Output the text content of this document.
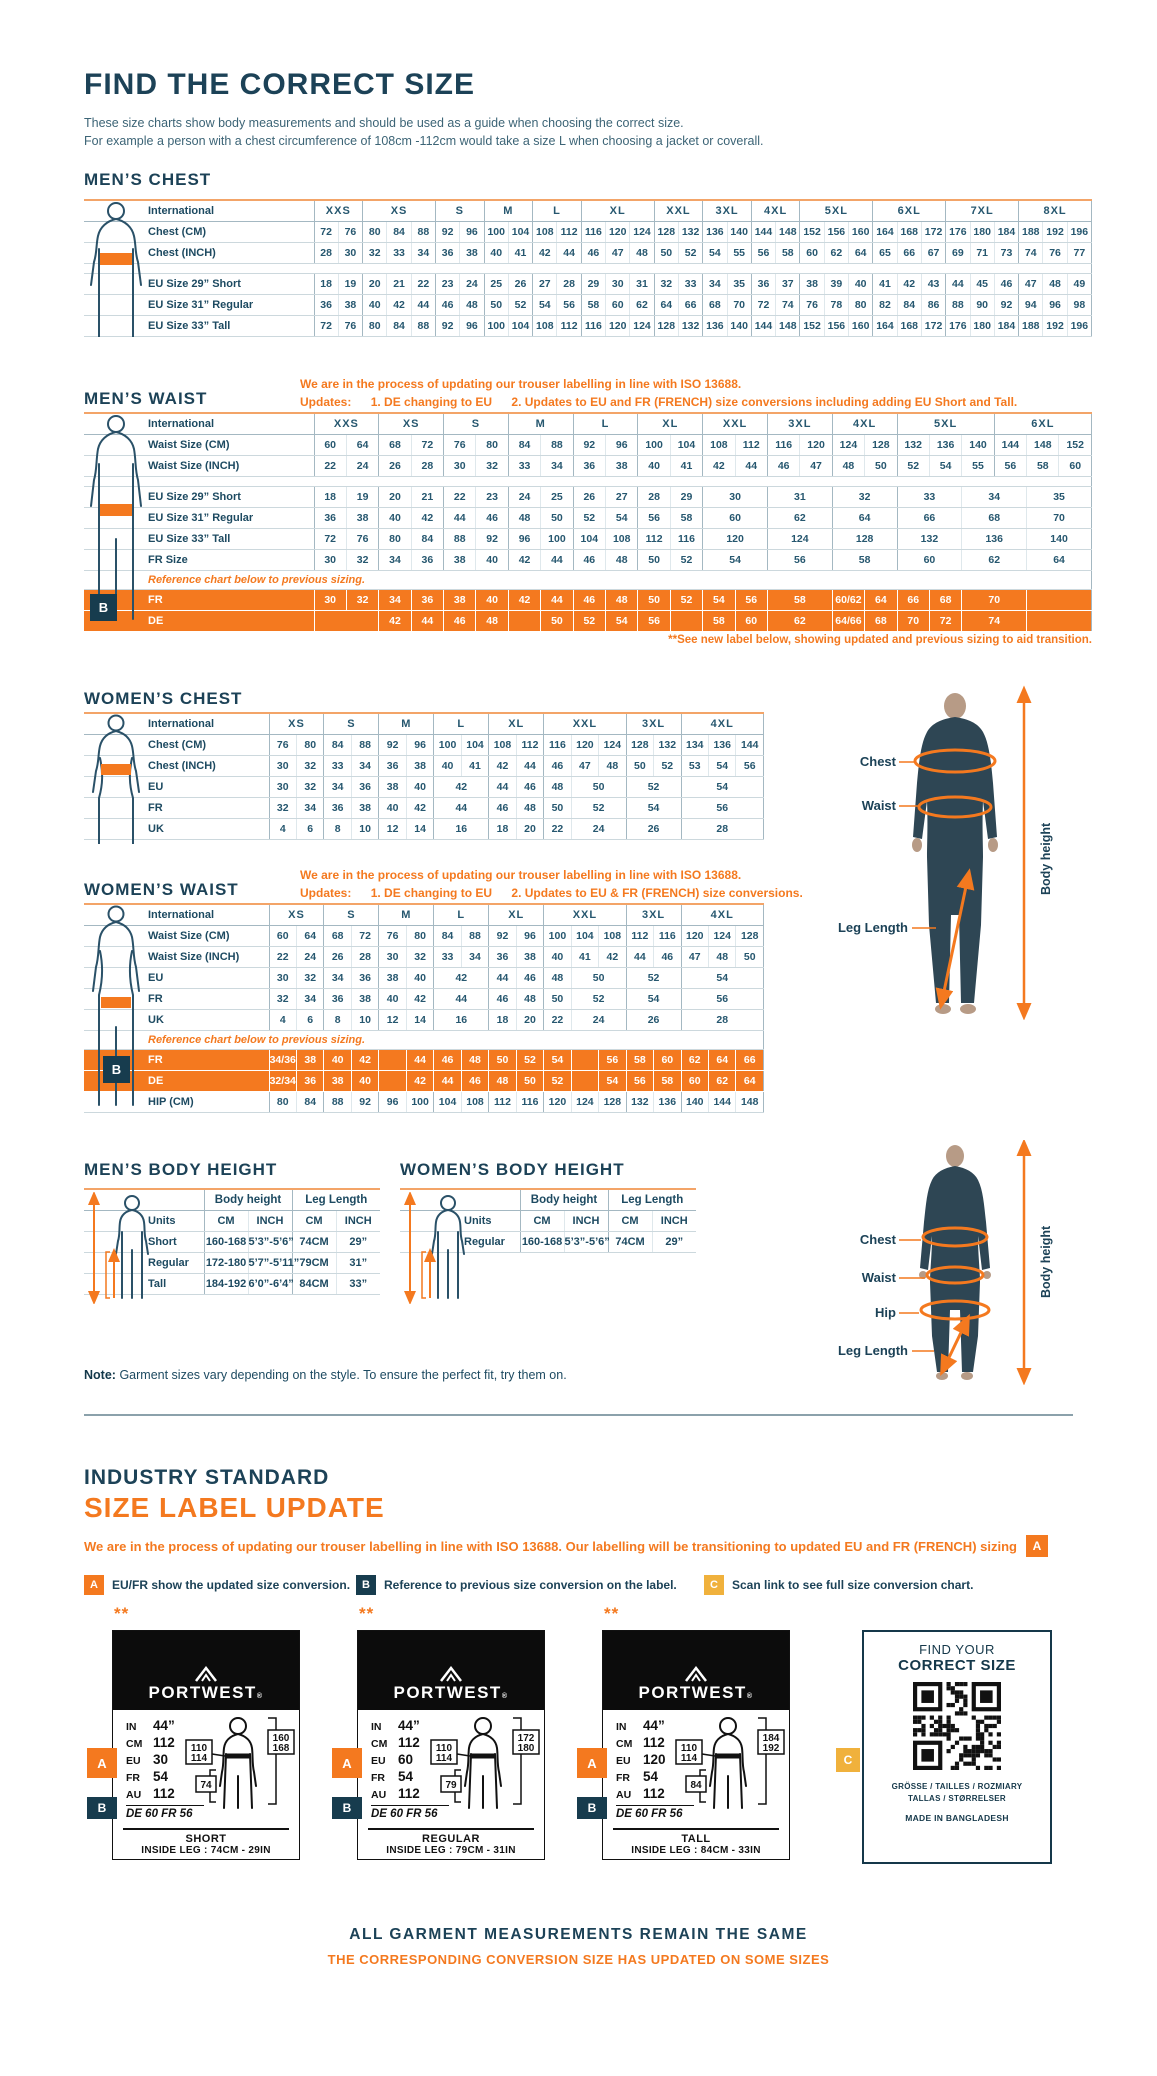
FIND THE CORRECT SIZE
These size charts show body measurements and should be used as a guide when choosing the correct size.
For example a person with a chest circumference of 108cm -112cm would take a size L when choosing a jacket or coverall.
MEN’S CHEST
International	XXS		XS			S		M		L		XL			XXL		3XL		4XL		5XL			6XL			7XL			8XL		
Chest (CM)	72	76	80	84	88	92	96	100	104	108	112	116	120	124	128	132	136	140	144	148	152	156	160	164	168	172	176	180	184	188	192	196
Chest (INCH)	28	30	32	33	34	36	38	40	41	42	44	46	47	48	50	52	54	55	56	58	60	62	64	65	66	67	69	71	73	74	76	77

EU Size 29” Short	18	19	20	21	22	23	24	25	26	27	28	29	30	31	32	33	34	35	36	37	38	39	40	41	42	43	44	45	46	47	48	49
EU Size 31” Regular	36	38	40	42	44	46	48	50	52	54	56	58	60	62	64	66	68	70	72	74	76	78	80	82	84	86	88	90	92	94	96	98
EU Size 33” Tall	72	76	80	84	88	92	96	100	104	108	112	116	120	124	128	132	136	140	144	148	152	156	160	164	168	172	176	180	184	188	192	196
We are in the process of updating our trouser labelling in line with ISO 13688.
Updates: 1. DE changing to EU 2. Updates to EU and FR (FRENCH) size conversions including adding EU Short and Tall.
MEN’S WAIST
International	XXS		XS		S		M		L		XL		XXL		3XL		4XL		5XL			6XL		
Waist Size (CM)	60	64	68	72	76	80	84	88	92	96	100	104	108	112	116	120	124	128	132	136	140	144	148	152
Waist Size (INCH)	22	24	26	28	30	32	33	34	36	38	40	41	42	44	46	47	48	50	52	54	55	56	58	60

EU Size 29” Short	18	19	20	21	22	23	24	25	26	27	28	29	30		31		32		33		34		35	
EU Size 31” Regular	36	38	40	42	44	46	48	50	52	54	56	58	60		62		64		66		68		70	
EU Size 33” Tall	72	76	80	84	88	92	96	100	104	108	112	116	120		124		128		132		136		140	
FR Size	30	32	34	36	38	40	42	44	46	48	50	52	54		56		58		60		62		64	
Reference chart below to previous sizing.																								
FR	30	32	34	36	38	40	42	44	46	48	50	52	54	56	58		60/62	64	66	68	70			
DE			42	44	46	48		50	52	54	56		58	60	62		64/66	68	70	72	74			
B
**See new label below, showing updated and previous sizing to aid transition.
WOMEN’S CHEST
International	XS		S		M		L		XL		XXL			3XL		4XL		
Chest (CM)	76	80	84	88	92	96	100	104	108	112	116	120	124	128	132	134	136	144
Chest (INCH)	30	32	33	34	36	38	40	41	42	44	46	47	48	50	52	53	54	56
EU	30	32	34	36	38	40	42		44	46	48	50		52		54		
FR	32	34	36	38	40	42	44		46	48	50	52		54		56		
UK	4	6	8	10	12	14	16		18	20	22	24		26		28		
Chest
Waist
Leg Length
Body height
We are in the process of updating our trouser labelling in line with ISO 13688.
Updates: 1. DE changing to EU 2. Updates to EU & FR (FRENCH) size conversions.
WOMEN’S WAIST
International	XS		S		M		L		XL		XXL			3XL		4XL		
Waist Size (CM)	60	64	68	72	76	80	84	88	92	96	100	104	108	112	116	120	124	128
Waist Size (INCH)	22	24	26	28	30	32	33	34	36	38	40	41	42	44	46	47	48	50
EU	30	32	34	36	38	40	42		44	46	48	50		52		54		
FR	32	34	36	38	40	42	44		46	48	50	52		54		56		
UK	4	6	8	10	12	14	16		18	20	22	24		26		28		
Reference chart below to previous sizing.																		
FR	34/36	38	40	42		44	46	48	50	52	54		56	58	60	62	64	66
DE	32/34	36	38	40		42	44	46	48	50	52		54	56	58	60	62	64
HIP (CM)	80	84	88	92	96	100	104	108	112	116	120	124	128	132	136	140	144	148
B
Chest
Waist
Hip
Leg Length
Body height
MEN’S BODY HEIGHT
	Body height		Leg Length	
Units	CM	INCH	CM	INCH
Short	160-168	5’3”-5’6”	74CM	29”
Regular	172-180	5’7”-5’11”	79CM	31”
Tall	184-192	6’0”-6’4”	84CM	33”
WOMEN’S BODY HEIGHT
	Body height		Leg Length	
Units	CM	INCH	CM	INCH
Regular	160-168	5’3”-5’6”	74CM	29”
Note: Garment sizes vary depending on the style. To ensure the perfect fit, try them on.
INDUSTRY STANDARD
SIZE LABEL UPDATE
We are in the process of updating our trouser labelling in line with ISO 13688. Our labelling will be transitioning to updated EU and FR (FRENCH) sizing	A
A	EU/FR show the updated size conversion.	B	Reference to previous size conversion on the label.	C	Scan link to see full size conversion chart.
**	**	**
PORTWEST®
IN	44”
CM 112
EU 30
FR 54
AU 112
DE 60 FR 56
110
114
160
168
74
SHORT
INSIDE LEG : 74CM - 29IN
PORTWEST®
IN	44”
CM 112
EU 60
FR 54
AU 112
DE 60 FR 56
110
114
172
180
79
REGULAR
INSIDE LEG : 79CM - 31IN
PORTWEST®
IN	44”
CM 112
EU 120
FR 54
AU 112
DE 60 FR 56
110
114
184
192
84
TALL
INSIDE LEG : 84CM - 33IN
A	A	A
B	B	B
C
FIND YOUR
CORRECT SIZE
GRÖSSE / TAILLES / ROZMIARY
TALLAS / STØRRELSER
MADE IN BANGLADESH
ALL GARMENT MEASUREMENTS REMAIN THE SAME
THE CORRESPONDING CONVERSION SIZE HAS UPDATED ON SOME SIZES
